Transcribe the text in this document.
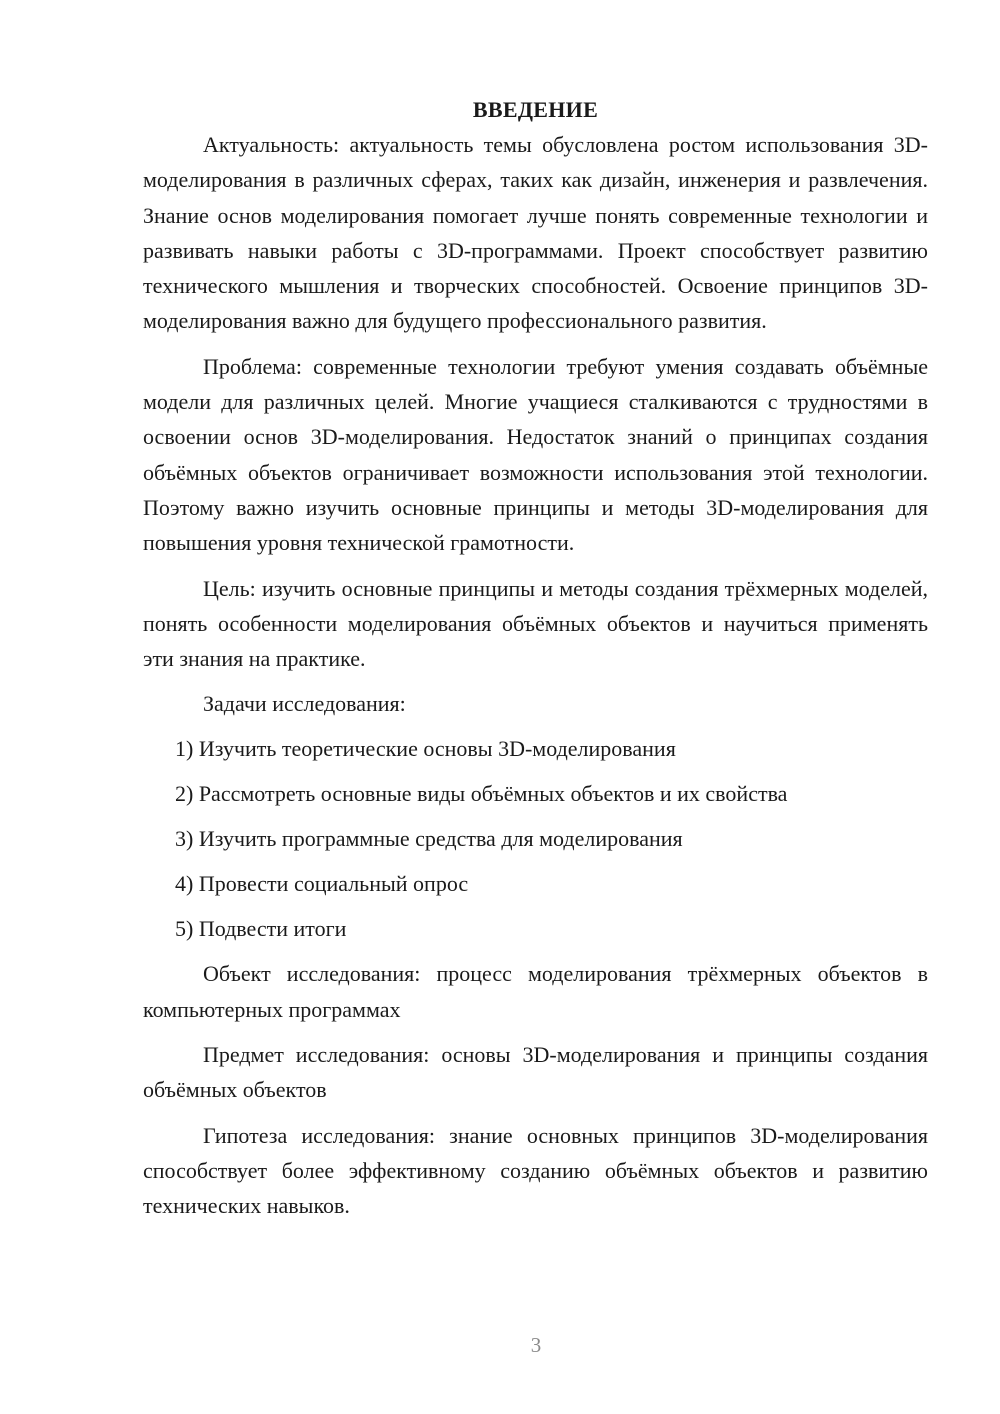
ВВЕДЕНИЕ

Актуальность: актуальность темы обусловлена ростом использования 3D-моделирования в различных сферах, таких как дизайн, инженерия и развлечения. Знание основ моделирования помогает лучше понять современные технологии и развивать навыки работы с 3D-программами. Проект способствует развитию технического мышления и творческих способностей. Освоение принципов 3D-моделирования важно для будущего профессионального развития.

Проблема: современные технологии требуют умения создавать объёмные модели для различных целей. Многие учащиеся сталкиваются с трудностями в освоении основ 3D-моделирования. Недостаток знаний о принципах создания объёмных объектов ограничивает возможности использования этой технологии. Поэтому важно изучить основные принципы и методы 3D-моделирования для повышения уровня технической грамотности.

Цель: изучить основные принципы и методы создания трёхмерных моделей, понять особенности моделирования объёмных объектов и научиться применять эти знания на практике.

Задачи исследования:

1) Изучить теоретические основы 3D-моделирования

2) Рассмотреть основные виды объёмных объектов и их свойства

3) Изучить программные средства для моделирования

4) Провести социальный опрос

5) Подвести итоги

Объект исследования: процесс моделирования трёхмерных объектов в компьютерных программах

Предмет исследования: основы 3D-моделирования и принципы создания объёмных объектов

Гипотеза исследования: знание основных принципов 3D-моделирования способствует более эффективному созданию объёмных объектов и развитию технических навыков.

3
